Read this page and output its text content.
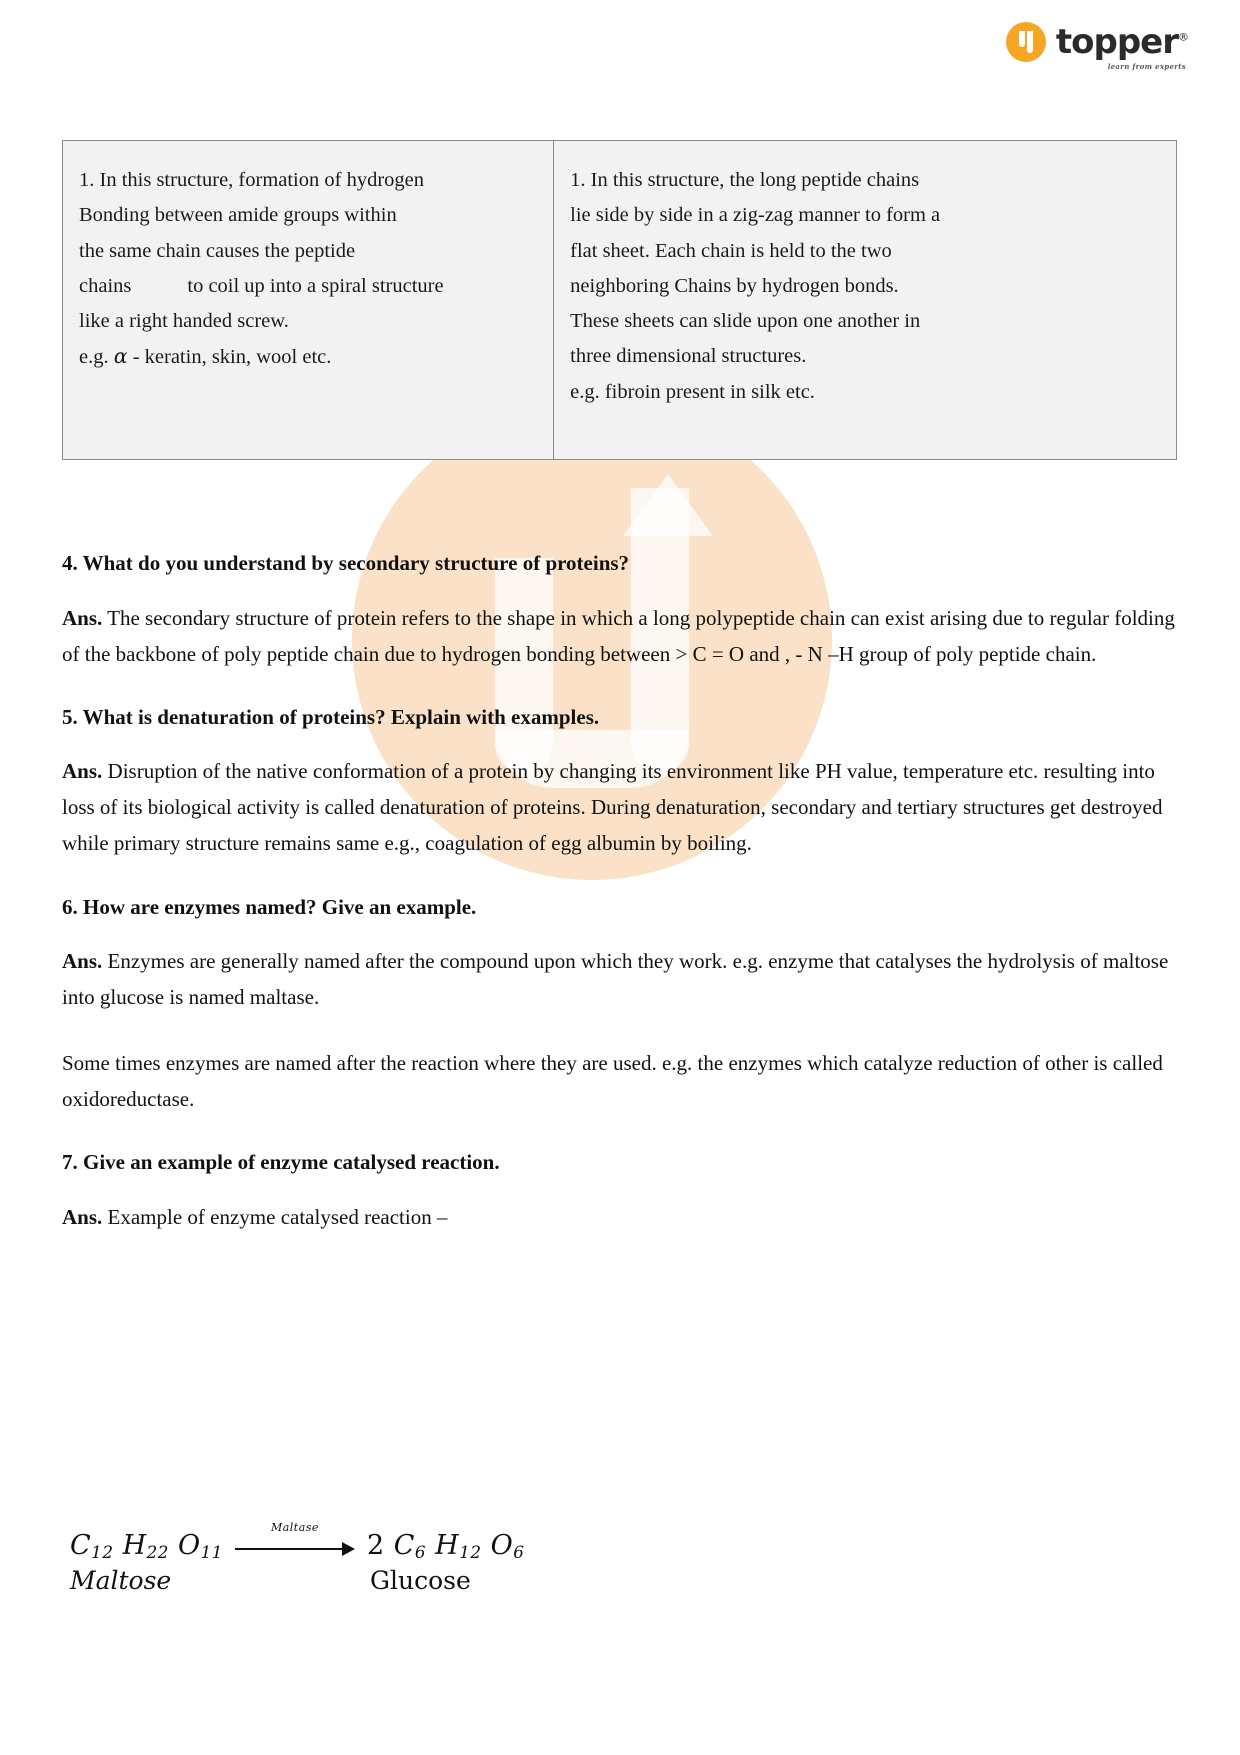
topper®
learn from experts

1. In this structure, formation of hydrogen

Bonding between amide groups within

the same chain causes the peptide

chains	to coil up into a spiral structure

like a right handed screw.

e.g. α - keratin, skin, wool etc.

1. In this structure, the long peptide chains

lie side by side in a zig-zag manner to form a

flat sheet. Each chain is held to the two

neighboring Chains by hydrogen bonds.

These sheets can slide upon one another in

three dimensional structures.

e.g. fibroin present in silk etc.

4. What do you understand by secondary structure of proteins?

Ans. The secondary structure of protein refers to the shape in which a long polypeptide chain can exist arising due to regular folding of the backbone of poly peptide chain due to hydrogen bonding between > C = O and , - N –H group of poly peptide chain.

5. What is denaturation of proteins? Explain with examples.

Ans. Disruption of the native conformation of a protein by changing its environment like PH value, temperature etc. resulting into loss of its biological activity is called denaturation of proteins. During denaturation, secondary and tertiary structures get destroyed while primary structure remains same e.g., coagulation of egg albumin by boiling.

6. How are enzymes named? Give an example.

Ans. Enzymes are generally named after the compound upon which they work. e.g. enzyme that catalyses the hydrolysis of maltose into glucose is named maltase.

Some times enzymes are named after the reaction where they are used. e.g. the enzymes which catalyze reduction of other is called oxidoreductase.

7. Give an example of enzyme catalysed reaction.

Ans. Example of enzyme catalysed reaction –

$C_{12}$ $H_{22}$ $O_{11}$
Maltase
2 $C_6$ $H_{12}$ $O_6$
Maltose	Glucose
